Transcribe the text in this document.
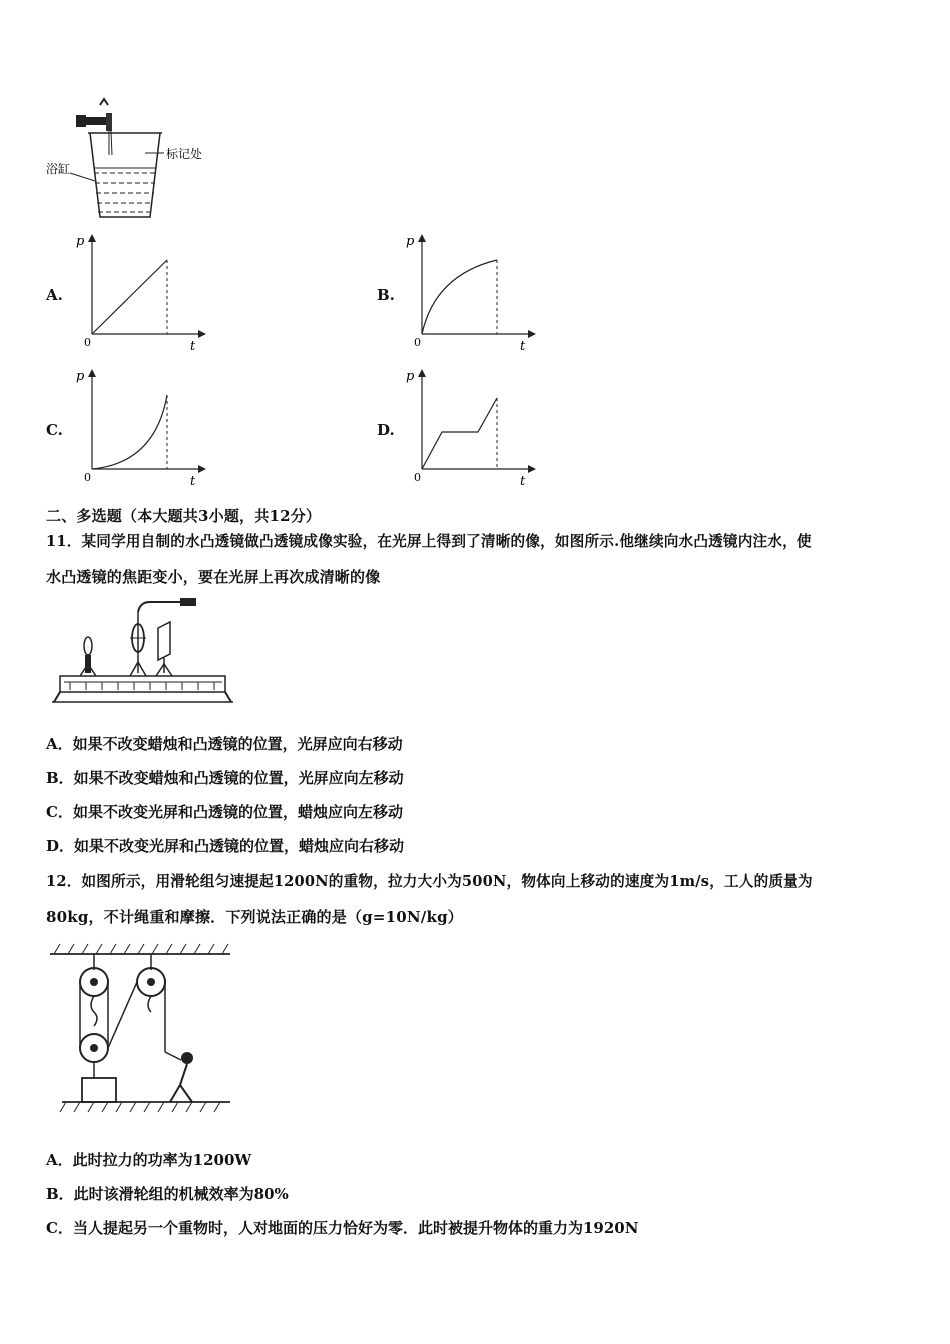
标记处
浴缸
A.
p
t
0
B.
p
t
0
C.
p
t
0
D.
p
t
0
二、多选题（本大题共3小题，共12分）
11．某同学用自制的水凸透镜做凸透镜成像实验，在光屏上得到了清晰的像，如图所示.他继续向水凸透镜内注水，使
水凸透镜的焦距变小，要在光屏上再次成清晰的像
A．如果不改变蜡烛和凸透镜的位置，光屏应向右移动
B．如果不改变蜡烛和凸透镜的位置，光屏应向左移动
C．如果不改变光屏和凸透镜的位置，蜡烛应向左移动
D．如果不改变光屏和凸透镜的位置，蜡烛应向右移动
12．如图所示，用滑轮组匀速提起1200N的重物，拉力大小为500N，物体向上移动的速度为1m/s，工人的质量为
80kg，不计绳重和摩擦．下列说法正确的是（g=10N/kg）
A．此时拉力的功率为1200W
B．此时该滑轮组的机械效率为80%
C．当人提起另一个重物时，人对地面的压力恰好为零．此时被提升物体的重力为1920N
